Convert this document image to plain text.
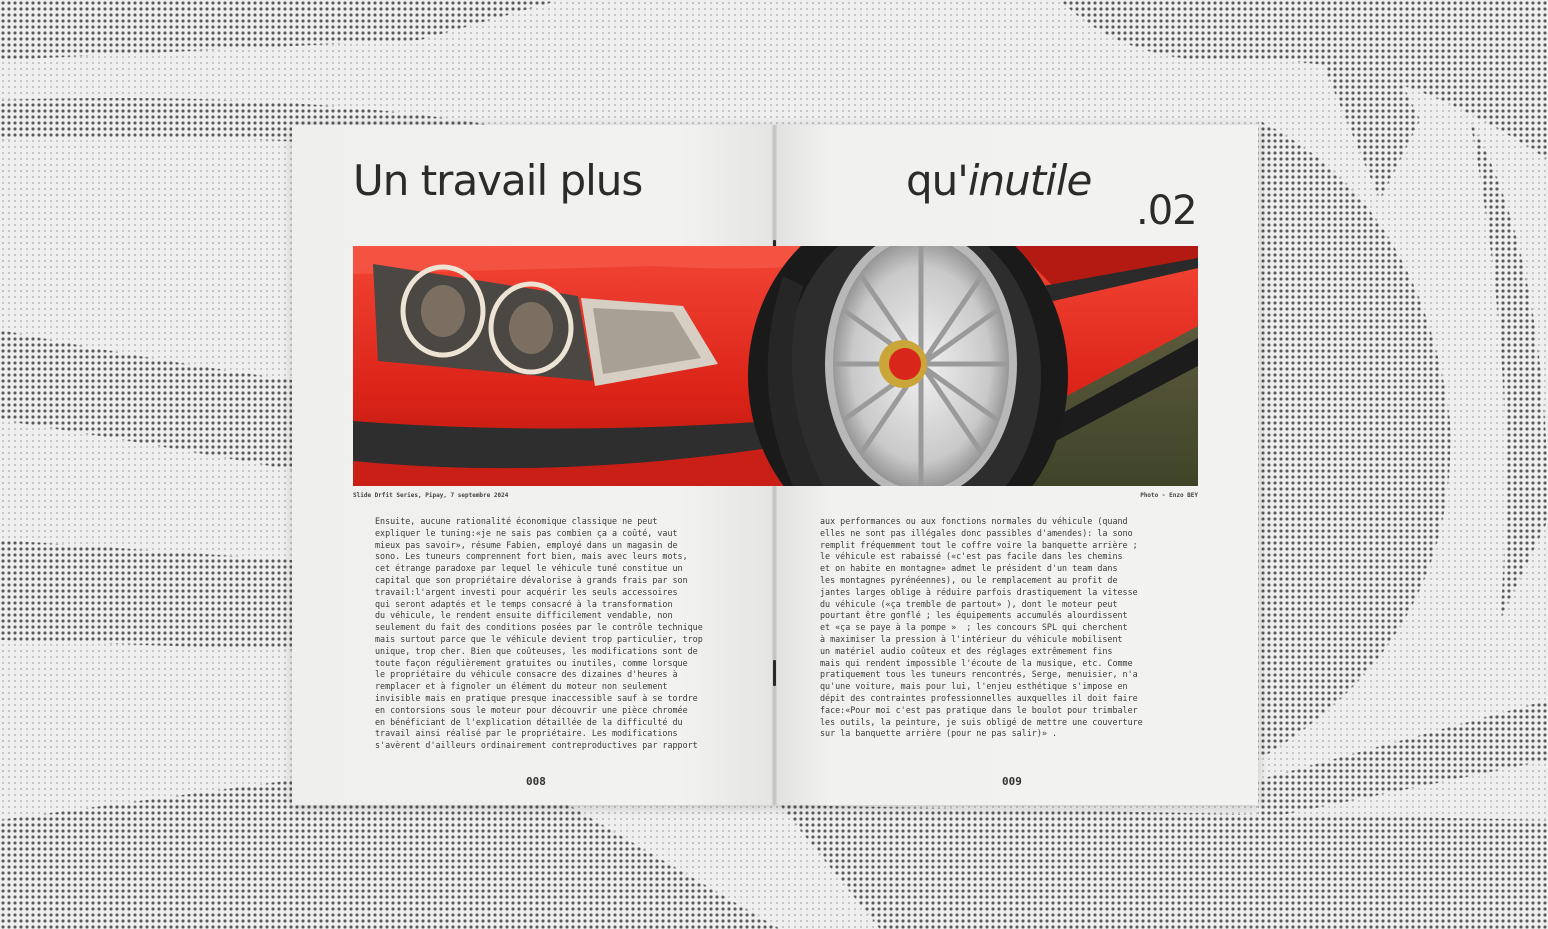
Un travail plus	qu'inutile
.02
Slide Drfit Series, Pipay, 7 septembre 2024	Photo - Enzo BEY
Ensuite, aucune rationalité économique classique ne peut
expliquer le tuning:«je ne sais pas combien ça a coûté, vaut
mieux pas savoir», résume Fabien, employé dans un magasin de
sono. Les tuneurs comprennent fort bien, mais avec leurs mots,
cet étrange paradoxe par lequel le véhicule tuné constitue un
capital que son propriétaire dévalorise à grands frais par son
travail:l'argent investi pour acquérir les seuls accessoires
qui seront adaptés et le temps consacré à la transformation
du véhicule, le rendent ensuite difficilement vendable, non
seulement du fait des conditions posées par le contrôle technique
mais surtout parce que le véhicule devient trop particulier, trop
unique, trop cher. Bien que coûteuses, les modifications sont de
toute façon régulièrement gratuites ou inutiles, comme lorsque
le propriétaire du véhicule consacre des dizaines d'heures à
remplacer et à fignoler un élément du moteur non seulement
invisible mais en pratique presque inaccessible sauf à se tordre
en contorsions sous le moteur pour découvrir une pièce chromée
en bénéficiant de l'explication détaillée de la difficulté du
travail ainsi réalisé par le propriétaire. Les modifications
s'avèrent d'ailleurs ordinairement contreproductives par rapport
aux performances ou aux fonctions normales du véhicule (quand
elles ne sont pas illégales donc passibles d'amendes): la sono
remplit fréquemment tout le coffre voire la banquette arrière ;
le véhicule est rabaissé («c'est pas facile dans les chemins
et on habite en montagne» admet le président d'un team dans
les montagnes pyrénéennes), ou le remplacement au profit de
jantes larges oblige à réduire parfois drastiquement la vitesse
du véhicule («ça tremble de partout» ), dont le moteur peut
pourtant être gonflé ; les équipements accumulés alourdissent
et «ça se paye à la pompe »  ; les concours SPL qui cherchent
à maximiser la pression à l'intérieur du véhicule mobilisent
un matériel audio coûteux et des réglages extrêmement fins
mais qui rendent impossible l'écoute de la musique, etc. Comme
pratiquement tous les tuneurs rencontrés, Serge, menuisier, n'a
qu'une voiture, mais pour lui, l'enjeu esthétique s'impose en
dépit des contraintes professionnelles auxquelles il doit faire
face:«Pour moi c'est pas pratique dans le boulot pour trimbaler
les outils, la peinture, je suis obligé de mettre une couverture
sur la banquette arrière (pour ne pas salir)» .
008	009
